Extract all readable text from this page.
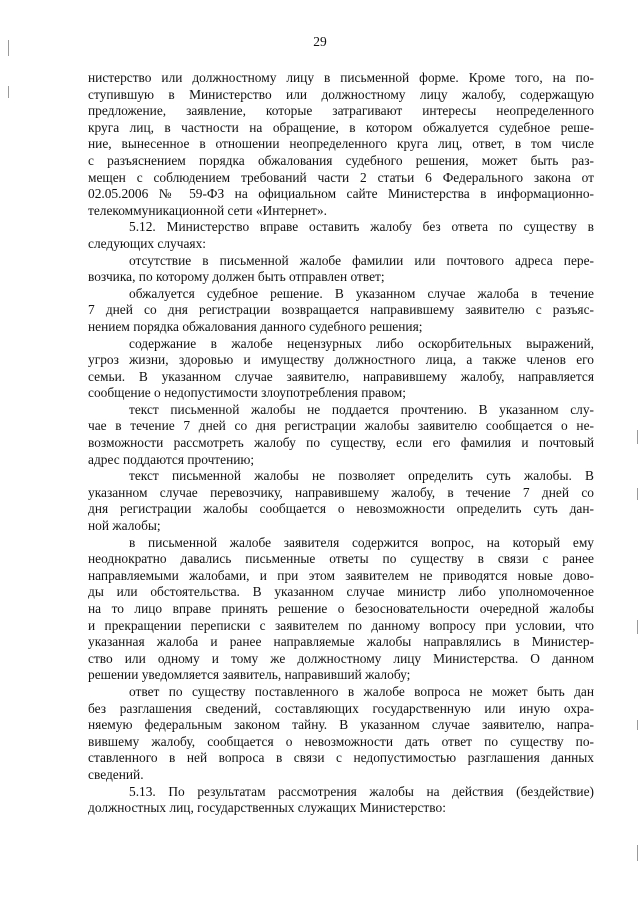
29
нистерство или должностному лицу в письменной форме. Кроме того, на по-
ступившую в Министерство или должностному лицу жалобу, содержащую
предложение, заявление, которые затрагивают интересы неопределенного
круга лиц, в частности на обращение, в котором обжалуется судебное реше-
ние, вынесенное в отношении неопределенного круга лиц, ответ, в том числе
с разъяснением порядка обжалования судебного решения, может быть раз-
мещен с соблюдением требований части 2 статьи 6 Федерального закона от
02.05.2006 № 59-ФЗ на официальном сайте Министерства в информационно-
телекоммуникационной сети «Интернет».
5.12. Министерство вправе оставить жалобу без ответа по существу в
следующих случаях:
отсутствие в письменной жалобе фамилии или почтового адреса пере-
возчика, по которому должен быть отправлен ответ;
обжалуется судебное решение. В указанном случае жалоба в течение
7 дней со дня регистрации возвращается направившему заявителю с разъяс-
нением порядка обжалования данного судебного решения;
содержание в жалобе нецензурных либо оскорбительных выражений,
угроз жизни, здоровью и имуществу должностного лица, а также членов его
семьи. В указанном случае заявителю, направившему жалобу, направляется
сообщение о недопустимости злоупотребления правом;
текст письменной жалобы не поддается прочтению. В указанном слу-
чае в течение 7 дней со дня регистрации жалобы заявителю сообщается о не-
возможности рассмотреть жалобу по существу, если его фамилия и почтовый
адрес поддаются прочтению;
текст письменной жалобы не позволяет определить суть жалобы. В
указанном случае перевозчику, направившему жалобу, в течение 7 дней со
дня регистрации жалобы сообщается о невозможности определить суть дан-
ной жалобы;
в письменной жалобе заявителя содержится вопрос, на который ему
неоднократно давались письменные ответы по существу в связи с ранее
направляемыми жалобами, и при этом заявителем не приводятся новые дово-
ды или обстоятельства. В указанном случае министр либо уполномоченное
на то лицо вправе принять решение о безосновательности очередной жалобы
и прекращении переписки с заявителем по данному вопросу при условии, что
указанная жалоба и ранее направляемые жалобы направлялись в Министер-
ство или одному и тому же должностному лицу Министерства. О данном
решении уведомляется заявитель, направивший жалобу;
ответ по существу поставленного в жалобе вопроса не может быть дан
без разглашения сведений, составляющих государственную или иную охра-
няемую федеральным законом тайну. В указанном случае заявителю, напра-
вившему жалобу, сообщается о невозможности дать ответ по существу по-
ставленного в ней вопроса в связи с недопустимостью разглашения данных
сведений.
5.13. По результатам рассмотрения жалобы на действия (бездействие)
должностных лиц, государственных служащих Министерство:
